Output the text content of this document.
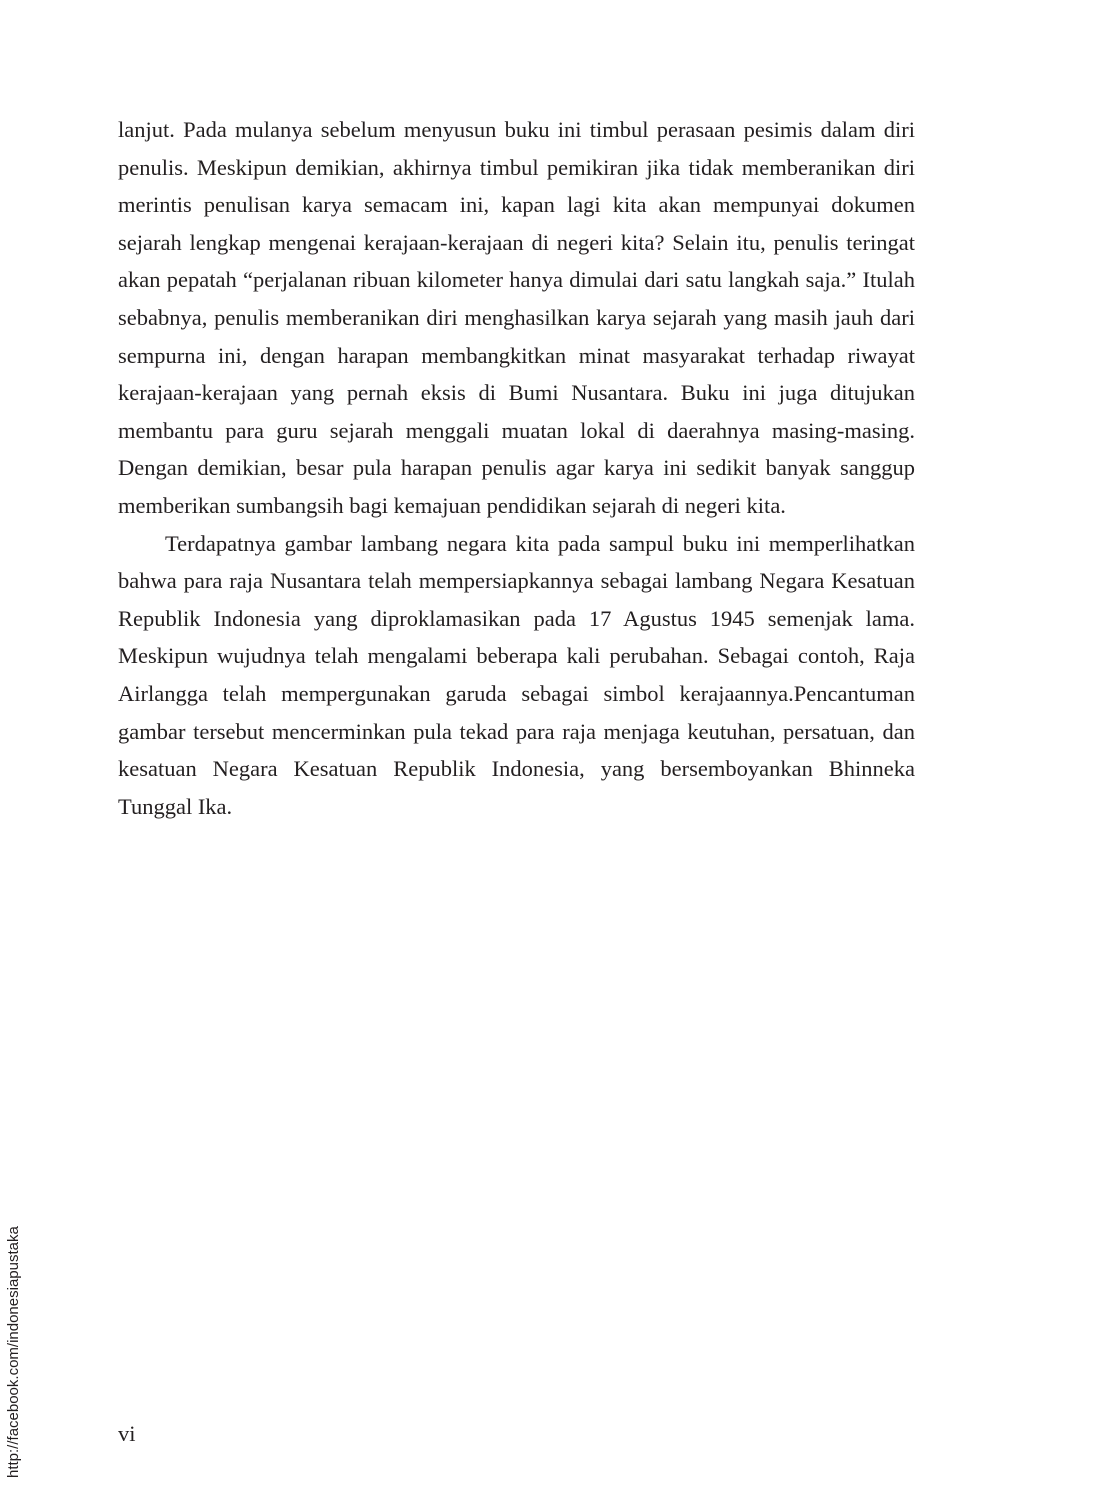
lanjut. Pada mulanya sebelum menyusun buku ini timbul perasaan pesimis dalam diri penulis. Meskipun demikian, akhirnya timbul pemikiran jika tidak memberanikan diri merintis penulisan karya semacam ini, kapan lagi kita akan mempunyai dokumen sejarah lengkap mengenai kerajaan-kerajaan di negeri kita? Selain itu, penulis teringat akan pepatah “perjalanan ribuan kilometer hanya dimulai dari satu langkah saja.” Itulah sebabnya, penulis memberanikan diri menghasilkan karya sejarah yang masih jauh dari sempurna ini, dengan harapan membangkitkan minat masyarakat terhadap riwayat kerajaan-kerajaan yang pernah eksis di Bumi Nusantara. Buku ini juga ditujukan membantu para guru sejarah menggali muatan lokal di daerahnya masing-masing. Dengan demikian, besar pula harapan penulis agar karya ini sedikit banyak sanggup memberikan sumbangsih bagi kemajuan pendidikan sejarah di negeri kita.

Terdapatnya gambar lambang negara kita pada sampul buku ini memperlihatkan bahwa para raja Nusantara telah mempersiapkannya sebagai lambang Negara Kesatuan Republik Indonesia yang diproklamasikan pada 17 Agustus 1945 semenjak lama. Meskipun wujudnya telah mengalami beberapa kali perubahan. Sebagai contoh, Raja Airlangga telah mempergunakan garuda sebagai simbol kerajaannya.Pencantuman gambar tersebut mencerminkan pula tekad para raja menjaga keutuhan, persatuan, dan kesatuan Negara Kesatuan Republik Indonesia, yang bersemboyankan Bhinneka Tunggal Ika.

vi
http://facebook.com/indonesiapustaka
